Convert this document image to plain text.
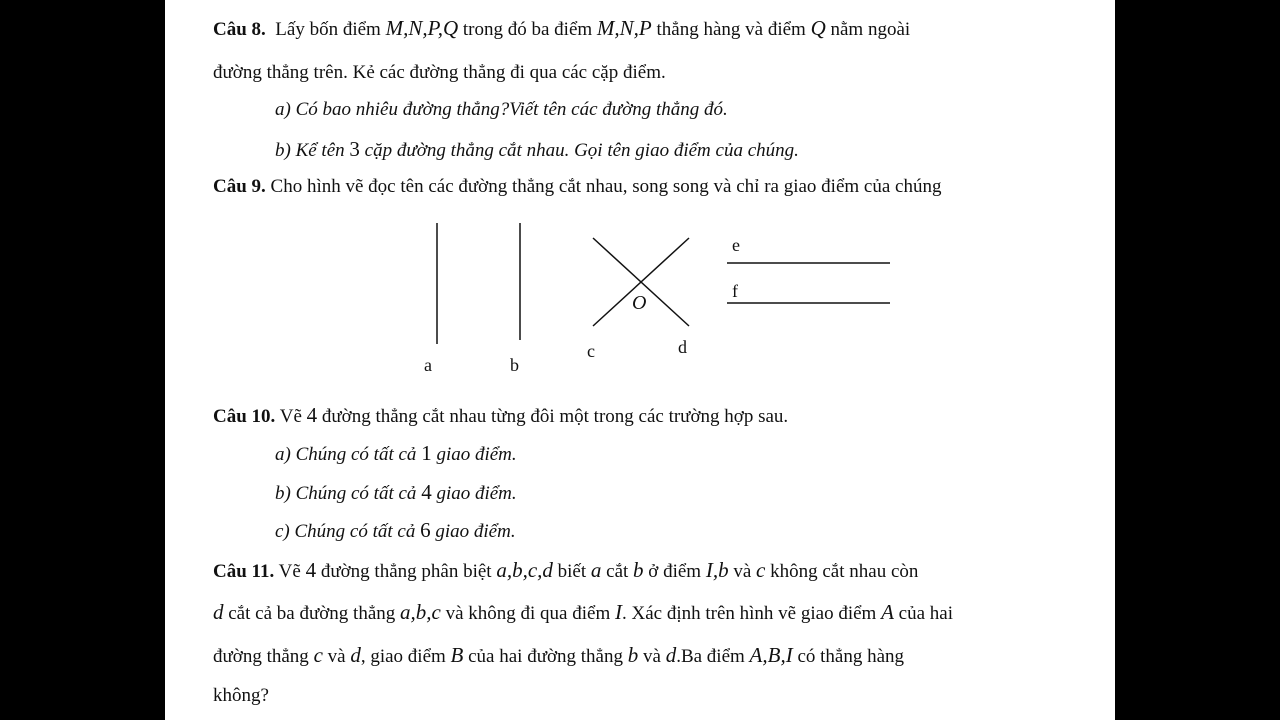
Câu 8. Lấy bốn điểm M,N,P,Q trong đó ba điểm M,N,P thẳng hàng và điểm Q nằm ngoài
đường thẳng trên. Kẻ các đường thẳng đi qua các cặp điểm.
a) Có bao nhiêu đường thẳng?Viết tên các đường thẳng đó.
b) Kể tên 3 cặp đường thẳng cắt nhau. Gọi tên giao điểm của chúng.
Câu 9. Cho hình vẽ đọc tên các đường thẳng cắt nhau, song song và chỉ ra giao điểm của chúng
a	b
c	d
e
f
O
Câu 10. Vẽ 4 đường thẳng cắt nhau từng đôi một trong các trường hợp sau.
a) Chúng có tất cả 1 giao điểm.
b) Chúng có tất cả 4 giao điểm.
c) Chúng có tất cả 6 giao điểm.
Câu 11. Vẽ 4 đường thẳng phân biệt a,b,c,d biết a cắt b ở điểm I,b và c không cắt nhau còn
d cắt cả ba đường thẳng a,b,c và không đi qua điểm I. Xác định trên hình vẽ giao điểm A của hai
đường thẳng c và d, giao điểm B của hai đường thẳng b và d.Ba điểm A,B,I có thẳng hàng
không?
